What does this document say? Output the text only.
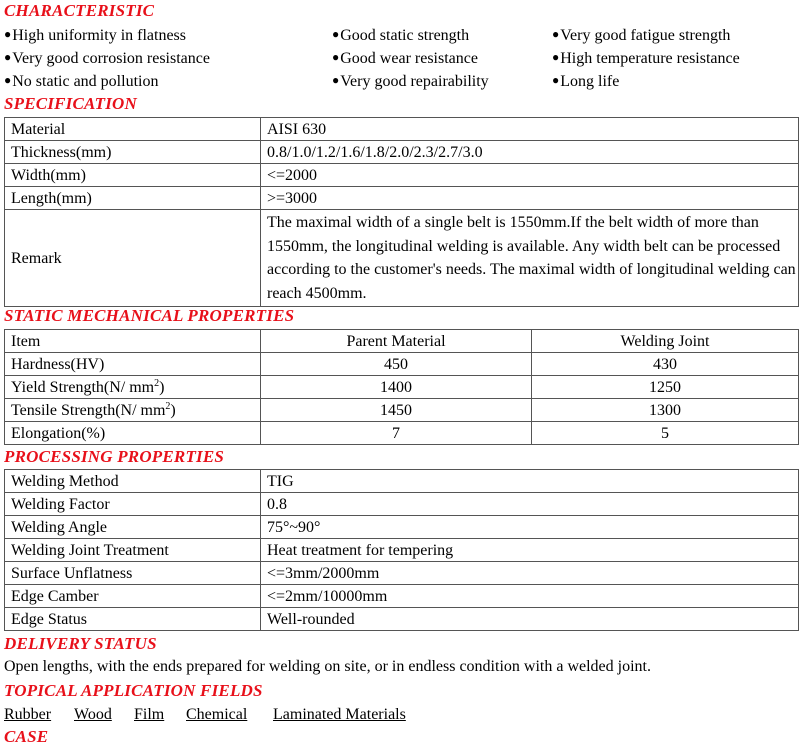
CHARACTERISTIC
●High uniformity in flatness	●Good static strength	●Very good fatigue strength
●Very good corrosion resistance	●Good wear resistance	●High temperature resistance
●No static and pollution	●Very good repairability	●Long life
SPECIFICATION
Material	AISI 630
Thickness(mm)	0.8/1.0/1.2/1.6/1.8/2.0/2.3/2.7/3.0
Width(mm)	<=2000
Length(mm)	>=3000
Remark	The maximal width of a single belt is 1550mm.If the belt width of more than 1550mm, the longitudinal welding is available. Any width belt can be processed according to the customer's needs. The maximal width of longitudinal welding can reach 4500mm.
STATIC MECHANICAL PROPERTIES
Item	Parent Material	Welding Joint
Hardness(HV)	450	430
Yield Strength(N/ $mm^2$)	1400	1250
Tensile Strength(N/ $mm^2$)	1450	1300
Elongation(%)	7	5
PROCESSING PROPERTIES
Welding Method	TIG
Welding Factor	0.8
Welding Angle	75°~90°
Welding Joint Treatment	Heat treatment for tempering
Surface Unflatness	<=3mm/2000mm
Edge Camber	<=2mm/10000mm
Edge Status	Well-rounded
DELIVERY STATUS
Open lengths, with the ends prepared for welding on site, or in endless condition with a welded joint.
TOPICAL APPLICATION FIELDS
Rubber Wood Film Chemical Laminated Materials
CASE
